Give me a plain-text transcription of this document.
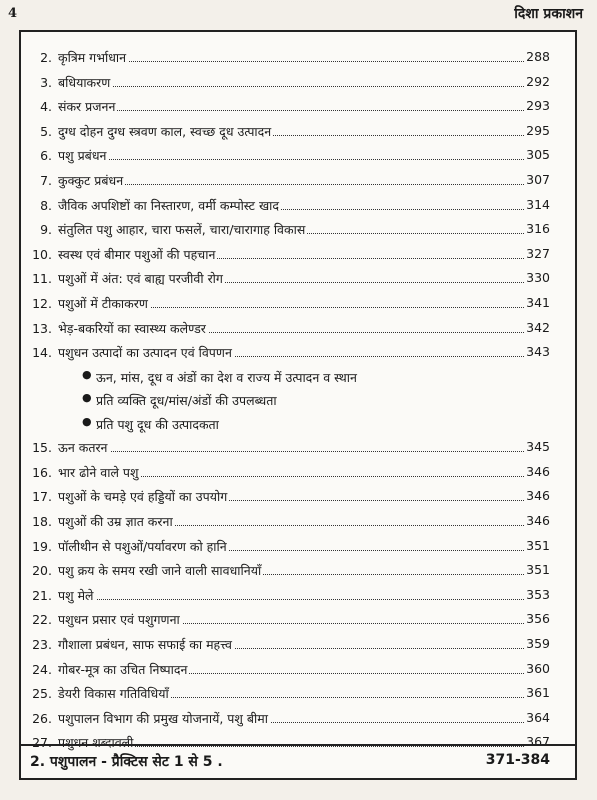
4	दिशा प्रकाशन
2. कृत्रिम गर्भाधान	288
3. बधियाकरण	292
4. संकर प्रजनन	293
5. दुग्ध दोहन दुग्ध स्त्रवण काल, स्वच्छ दूध उत्पादन	295
6. पशु प्रबंधन	305
7. कुक्कुट प्रबंधन	307
8. जैविक अपशिष्टों का निस्तारण, वर्मी कम्पोस्ट खाद	314
9. संतुलित पशु आहार, चारा फसलें, चारा/चारागाह विकास	316
10. स्वस्थ एवं बीमार पशुओं की पहचान	327
11. पशुओं में अंत: एवं बाह्य परजीवी रोग	330
12. पशुओं में टीकाकरण	341
13. भेड़-बकरियों का स्वास्थ्य कलेण्डर	342
14. पशुधन उत्पादों का उत्पादन एवं विपणन	343
● ऊन, मांस, दूध व अंडों का देश व राज्य में उत्पादन व स्थान
● प्रति व्यक्ति दूध/मांस/अंडों की उपलब्धता
● प्रति पशु दूध की उत्पादकता
15. ऊन कतरन	345
16. भार ढोने वाले पशु	346
17. पशुओं के चमड़े एवं हड्डियों का उपयोग	346
18. पशुओं की उम्र ज्ञात करना	346
19. पॉलीथीन से पशुओं/पर्यावरण को हानि	351
20. पशु क्रय के समय रखी जाने वाली सावधानियाँ	351
21. पशु मेले	353
22. पशुधन प्रसार एवं पशुगणना	356
23. गौशाला प्रबंधन, साफ सफाई का महत्त्व	359
24. गोबर-मूत्र का उचित निष्पादन	360
25. डेयरी विकास गतिविधियाँ	361
26. पशुपालन विभाग की प्रमुख योजनायें, पशु बीमा	364
27. पशुधन शब्दावली	367
2. पशुपालन - प्रैक्टिस सेट 1 से 5 .	371-384
